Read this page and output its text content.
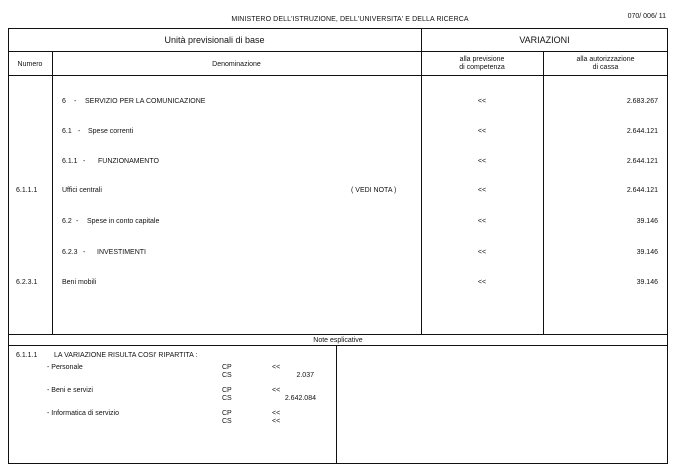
MINISTERO DELL'ISTRUZIONE, DELL'UNIVERSITA' E DELLA RICERCA	070/ 006/ 11
Unità previsionali di base	VARIAZIONI
Numero	Denominazione
alla previsione
di competenza
alla autorizzazione
di cassa
6 - SERVIZIO PER LA COMUNICAZIONE	<<	2.683.267
6.1 - Spese correnti	<<	2.644.121
6.1.1 - FUNZIONAMENTO	<<	2.644.121
6.1.1.1	Uffici centrali	( VEDI NOTA )	<<	2.644.121
6.2 - Spese in conto capitale	<<	39.146
6.2.3 - INVESTIMENTI	<<	39.146
6.2.3.1	Beni mobili	<<	39.146
Note esplicative
6.1.1.1 LA VARIAZIONE RISULTA COSI' RIPARTITA :
- Personale	CP	<<
CS	2.037
- Beni e servizi	CP	<<
CS	2.642.084
- Informatica di servizio	CP	<<
CS	<<
